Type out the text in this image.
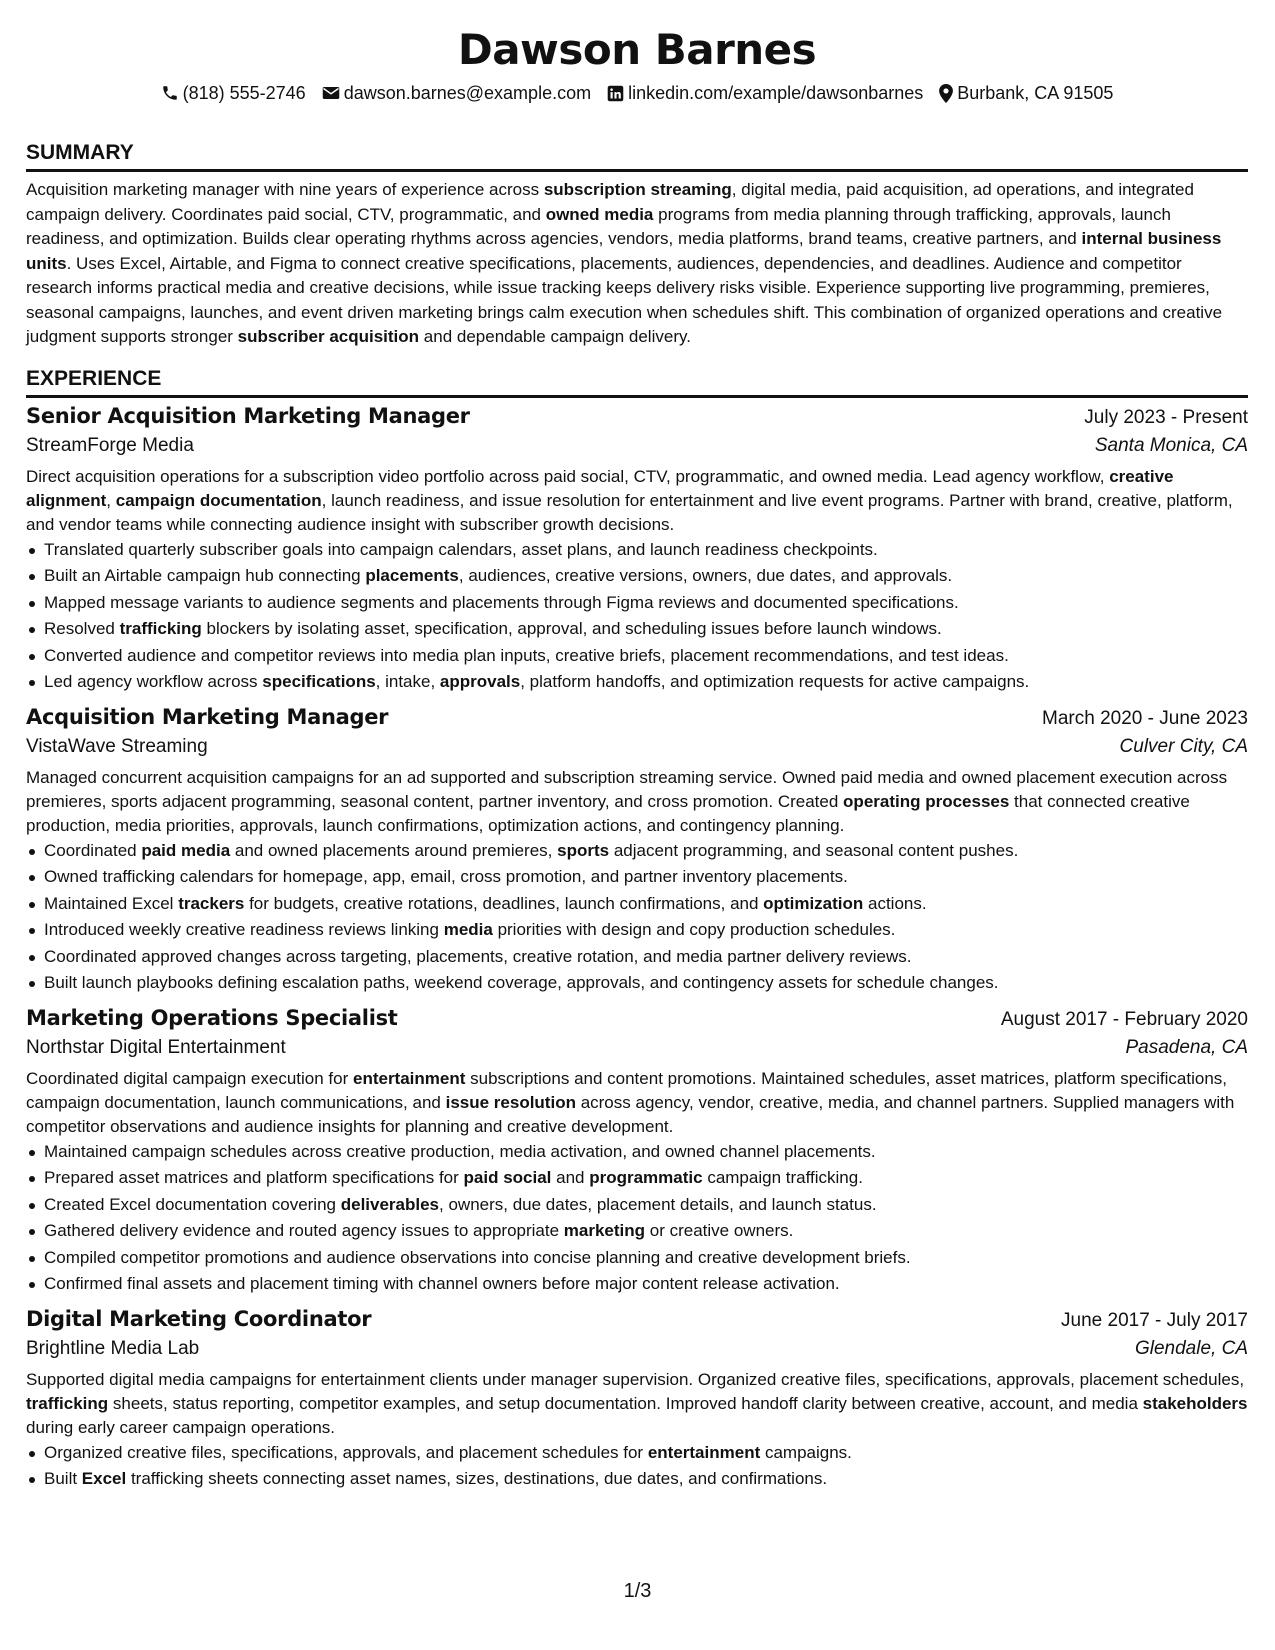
Dawson Barnes
(818) 555-2746 dawson.barnes@example.com linkedin.com/example/dawsonbarnes Burbank, CA 91505
SUMMARY
Acquisition marketing manager with nine years of experience across subscription streaming, digital media, paid acquisition, ad operations, and integrated campaign delivery. Coordinates paid social, CTV, programmatic, and owned media programs from media planning through trafficking, approvals, launch readiness, and optimization. Builds clear operating rhythms across agencies, vendors, media platforms, brand teams, creative partners, and internal business units. Uses Excel, Airtable, and Figma to connect creative specifications, placements, audiences, dependencies, and deadlines. Audience and competitor research informs practical media and creative decisions, while issue tracking keeps delivery risks visible. Experience supporting live programming, premieres, seasonal campaigns, launches, and event driven marketing brings calm execution when schedules shift. This combination of organized operations and creative judgment supports stronger subscriber acquisition and dependable campaign delivery.
EXPERIENCE
Senior Acquisition Marketing Manager	July 2023 - Present
StreamForge Media	Santa Monica, CA
Direct acquisition operations for a subscription video portfolio across paid social, CTV, programmatic, and owned media. Lead agency workflow, creative alignment, campaign documentation, launch readiness, and issue resolution for entertainment and live event programs. Partner with brand, creative, platform, and vendor teams while connecting audience insight with subscriber growth decisions.
Translated quarterly subscriber goals into campaign calendars, asset plans, and launch readiness checkpoints.
Built an Airtable campaign hub connecting placements, audiences, creative versions, owners, due dates, and approvals.
Mapped message variants to audience segments and placements through Figma reviews and documented specifications.
Resolved trafficking blockers by isolating asset, specification, approval, and scheduling issues before launch windows.
Converted audience and competitor reviews into media plan inputs, creative briefs, placement recommendations, and test ideas.
Led agency workflow across specifications, intake, approvals, platform handoffs, and optimization requests for active campaigns.
Acquisition Marketing Manager	March 2020 - June 2023
VistaWave Streaming	Culver City, CA
Managed concurrent acquisition campaigns for an ad supported and subscription streaming service. Owned paid media and owned placement execution across premieres, sports adjacent programming, seasonal content, partner inventory, and cross promotion. Created operating processes that connected creative production, media priorities, approvals, launch confirmations, optimization actions, and contingency planning.
Coordinated paid media and owned placements around premieres, sports adjacent programming, and seasonal content pushes.
Owned trafficking calendars for homepage, app, email, cross promotion, and partner inventory placements.
Maintained Excel trackers for budgets, creative rotations, deadlines, launch confirmations, and optimization actions.
Introduced weekly creative readiness reviews linking media priorities with design and copy production schedules.
Coordinated approved changes across targeting, placements, creative rotation, and media partner delivery reviews.
Built launch playbooks defining escalation paths, weekend coverage, approvals, and contingency assets for schedule changes.
Marketing Operations Specialist	August 2017 - February 2020
Northstar Digital Entertainment	Pasadena, CA
Coordinated digital campaign execution for entertainment subscriptions and content promotions. Maintained schedules, asset matrices, platform specifications, campaign documentation, launch communications, and issue resolution across agency, vendor, creative, media, and channel partners. Supplied managers with competitor observations and audience insights for planning and creative development.
Maintained campaign schedules across creative production, media activation, and owned channel placements.
Prepared asset matrices and platform specifications for paid social and programmatic campaign trafficking.
Created Excel documentation covering deliverables, owners, due dates, placement details, and launch status.
Gathered delivery evidence and routed agency issues to appropriate marketing or creative owners.
Compiled competitor promotions and audience observations into concise planning and creative development briefs.
Confirmed final assets and placement timing with channel owners before major content release activation.
Digital Marketing Coordinator	June 2017 - July 2017
Brightline Media Lab	Glendale, CA
Supported digital media campaigns for entertainment clients under manager supervision. Organized creative files, specifications, approvals, placement schedules, trafficking sheets, status reporting, competitor examples, and setup documentation. Improved handoff clarity between creative, account, and media stakeholders during early career campaign operations.
Organized creative files, specifications, approvals, and placement schedules for entertainment campaigns.
Built Excel trafficking sheets connecting asset names, sizes, destinations, due dates, and confirmations.
1/3
